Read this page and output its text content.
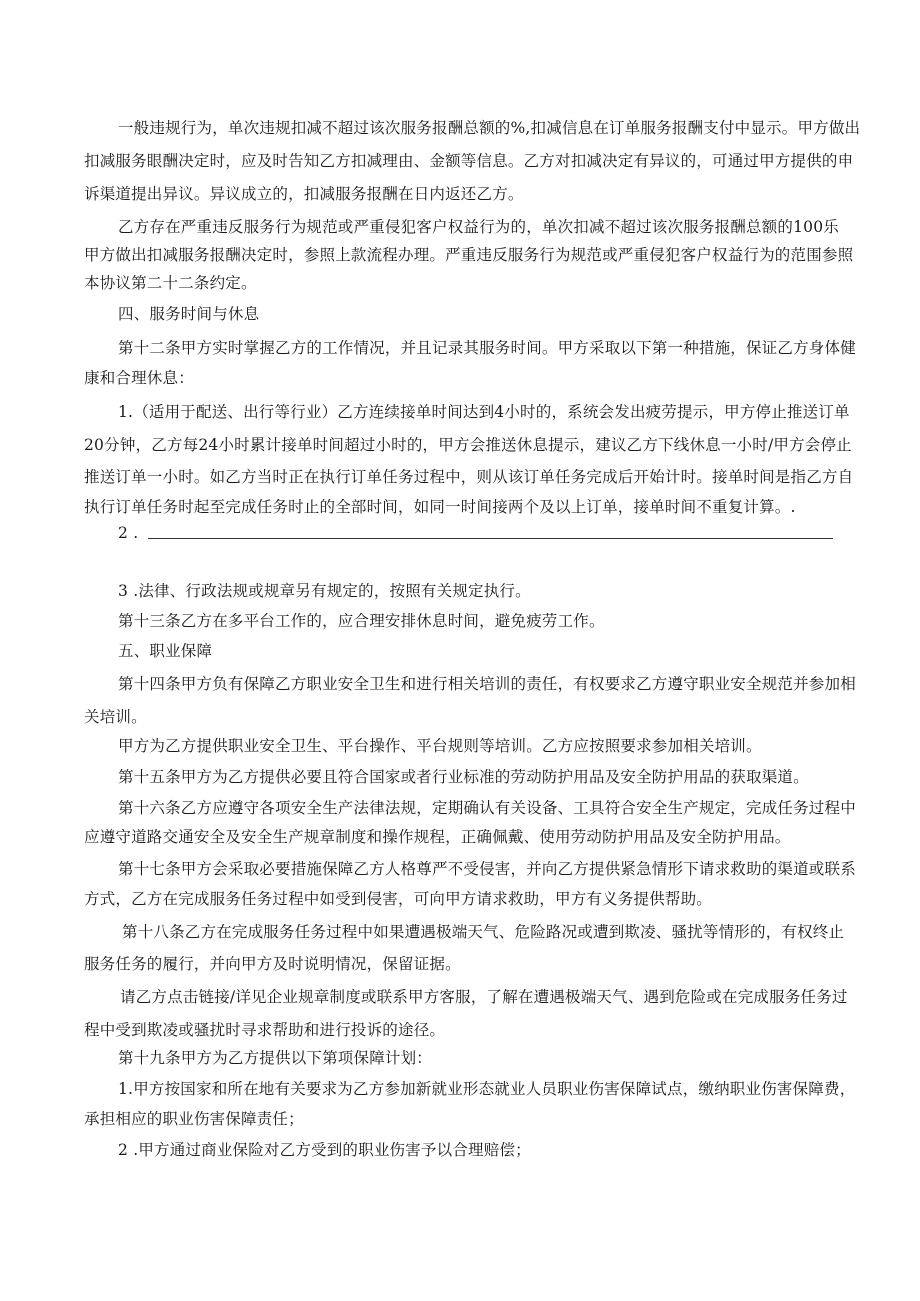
一般违规行为，单次违规扣减不超过该次服务报酬总额的%,扣减信息在订单服务报酬支付中显示。甲方做出
扣减服务眼酬决定时，应及时告知乙方扣减理由、金额等信息。乙方对扣减决定有异议的，可通过甲方提供的申
诉渠道提出异议。异议成立的，扣减服务报酬在日内返还乙方。
乙方存在严重违反服务行为规范或严重侵犯客户权益行为的，单次扣减不超过该次服务报酬总额的100乐
甲方做出扣减服务报酬决定时，参照上款流程办理。严重违反服务行为规范或严重侵犯客户权益行为的范围参照
本协议第二十二条约定。
四、服务时间与休息
第十二条甲方实时掌握乙方的工作情况，并且记录其服务时间。甲方采取以下第一种措施，保证乙方身体健
康和合理休息：
1.（适用于配送、出行等行业）乙方连续接单时间达到4小时的，系统会发出疲劳提示，甲方停止推送订单
20分钟，乙方每24小时累计接单时间超过小时的，甲方会推送休息提示，建议乙方下线休息一小时/甲方会停止
推送订单一小时。如乙方当时正在执行订单任务过程中，则从该订单任务完成后开始计时。接单时间是指乙方自
执行订单任务时起至完成任务时止的全部时间，如同一时间接两个及以上订单，接单时间不重复计算。.
2 .
3 .法律、行政法规或规章另有规定的，按照有关规定执行。
第十三条乙方在多平台工作的，应合理安排休息时间，避免疲劳工作。
五、职业保障
第十四条甲方负有保障乙方职业安全卫生和进行相关培训的责任，有权要求乙方遵守职业安全规范并参加相
关培训。
甲方为乙方提供职业安全卫生、平台操作、平台规则等培训。乙方应按照要求参加相关培训。
第十五条甲方为乙方提供必要且符合国家或者行业标准的劳动防护用品及安全防护用品的获取渠道。
第十六条乙方应遵守各项安全生产法律法规，定期确认有关设备、工具符合安全生产规定，完成任务过程中
应遵守道路交通安全及安全生产规章制度和操作规程，正确佩戴、使用劳动防护用品及安全防护用品。
第十七条甲方会采取必要措施保障乙方人格尊严不受侵害，并向乙方提供紧急情形下请求救助的渠道或联系
方式，乙方在完成服务任务过程中如受到侵害，可向甲方请求救助，甲方有义务提供帮助。
第十八条乙方在完成服务任务过程中如果遭遇极端天气、危险路况或遭到欺凌、骚扰等情形的，有权终止
服务任务的履行，并向甲方及时说明情况，保留证据。
请乙方点击链接/详见企业规章制度或联系甲方客服，了解在遭遇极端天气、遇到危险或在完成服务任务过
程中受到欺凌或骚扰时寻求帮助和进行投诉的途径。
第十九条甲方为乙方提供以下第项保障计划：
1.甲方按国家和所在地有关要求为乙方参加新就业形态就业人员职业伤害保障试点，缴纳职业伤害保障费，
承担相应的职业伤害保障责任；
2 .甲方通过商业保险对乙方受到的职业伤害予以合理赔偿；
